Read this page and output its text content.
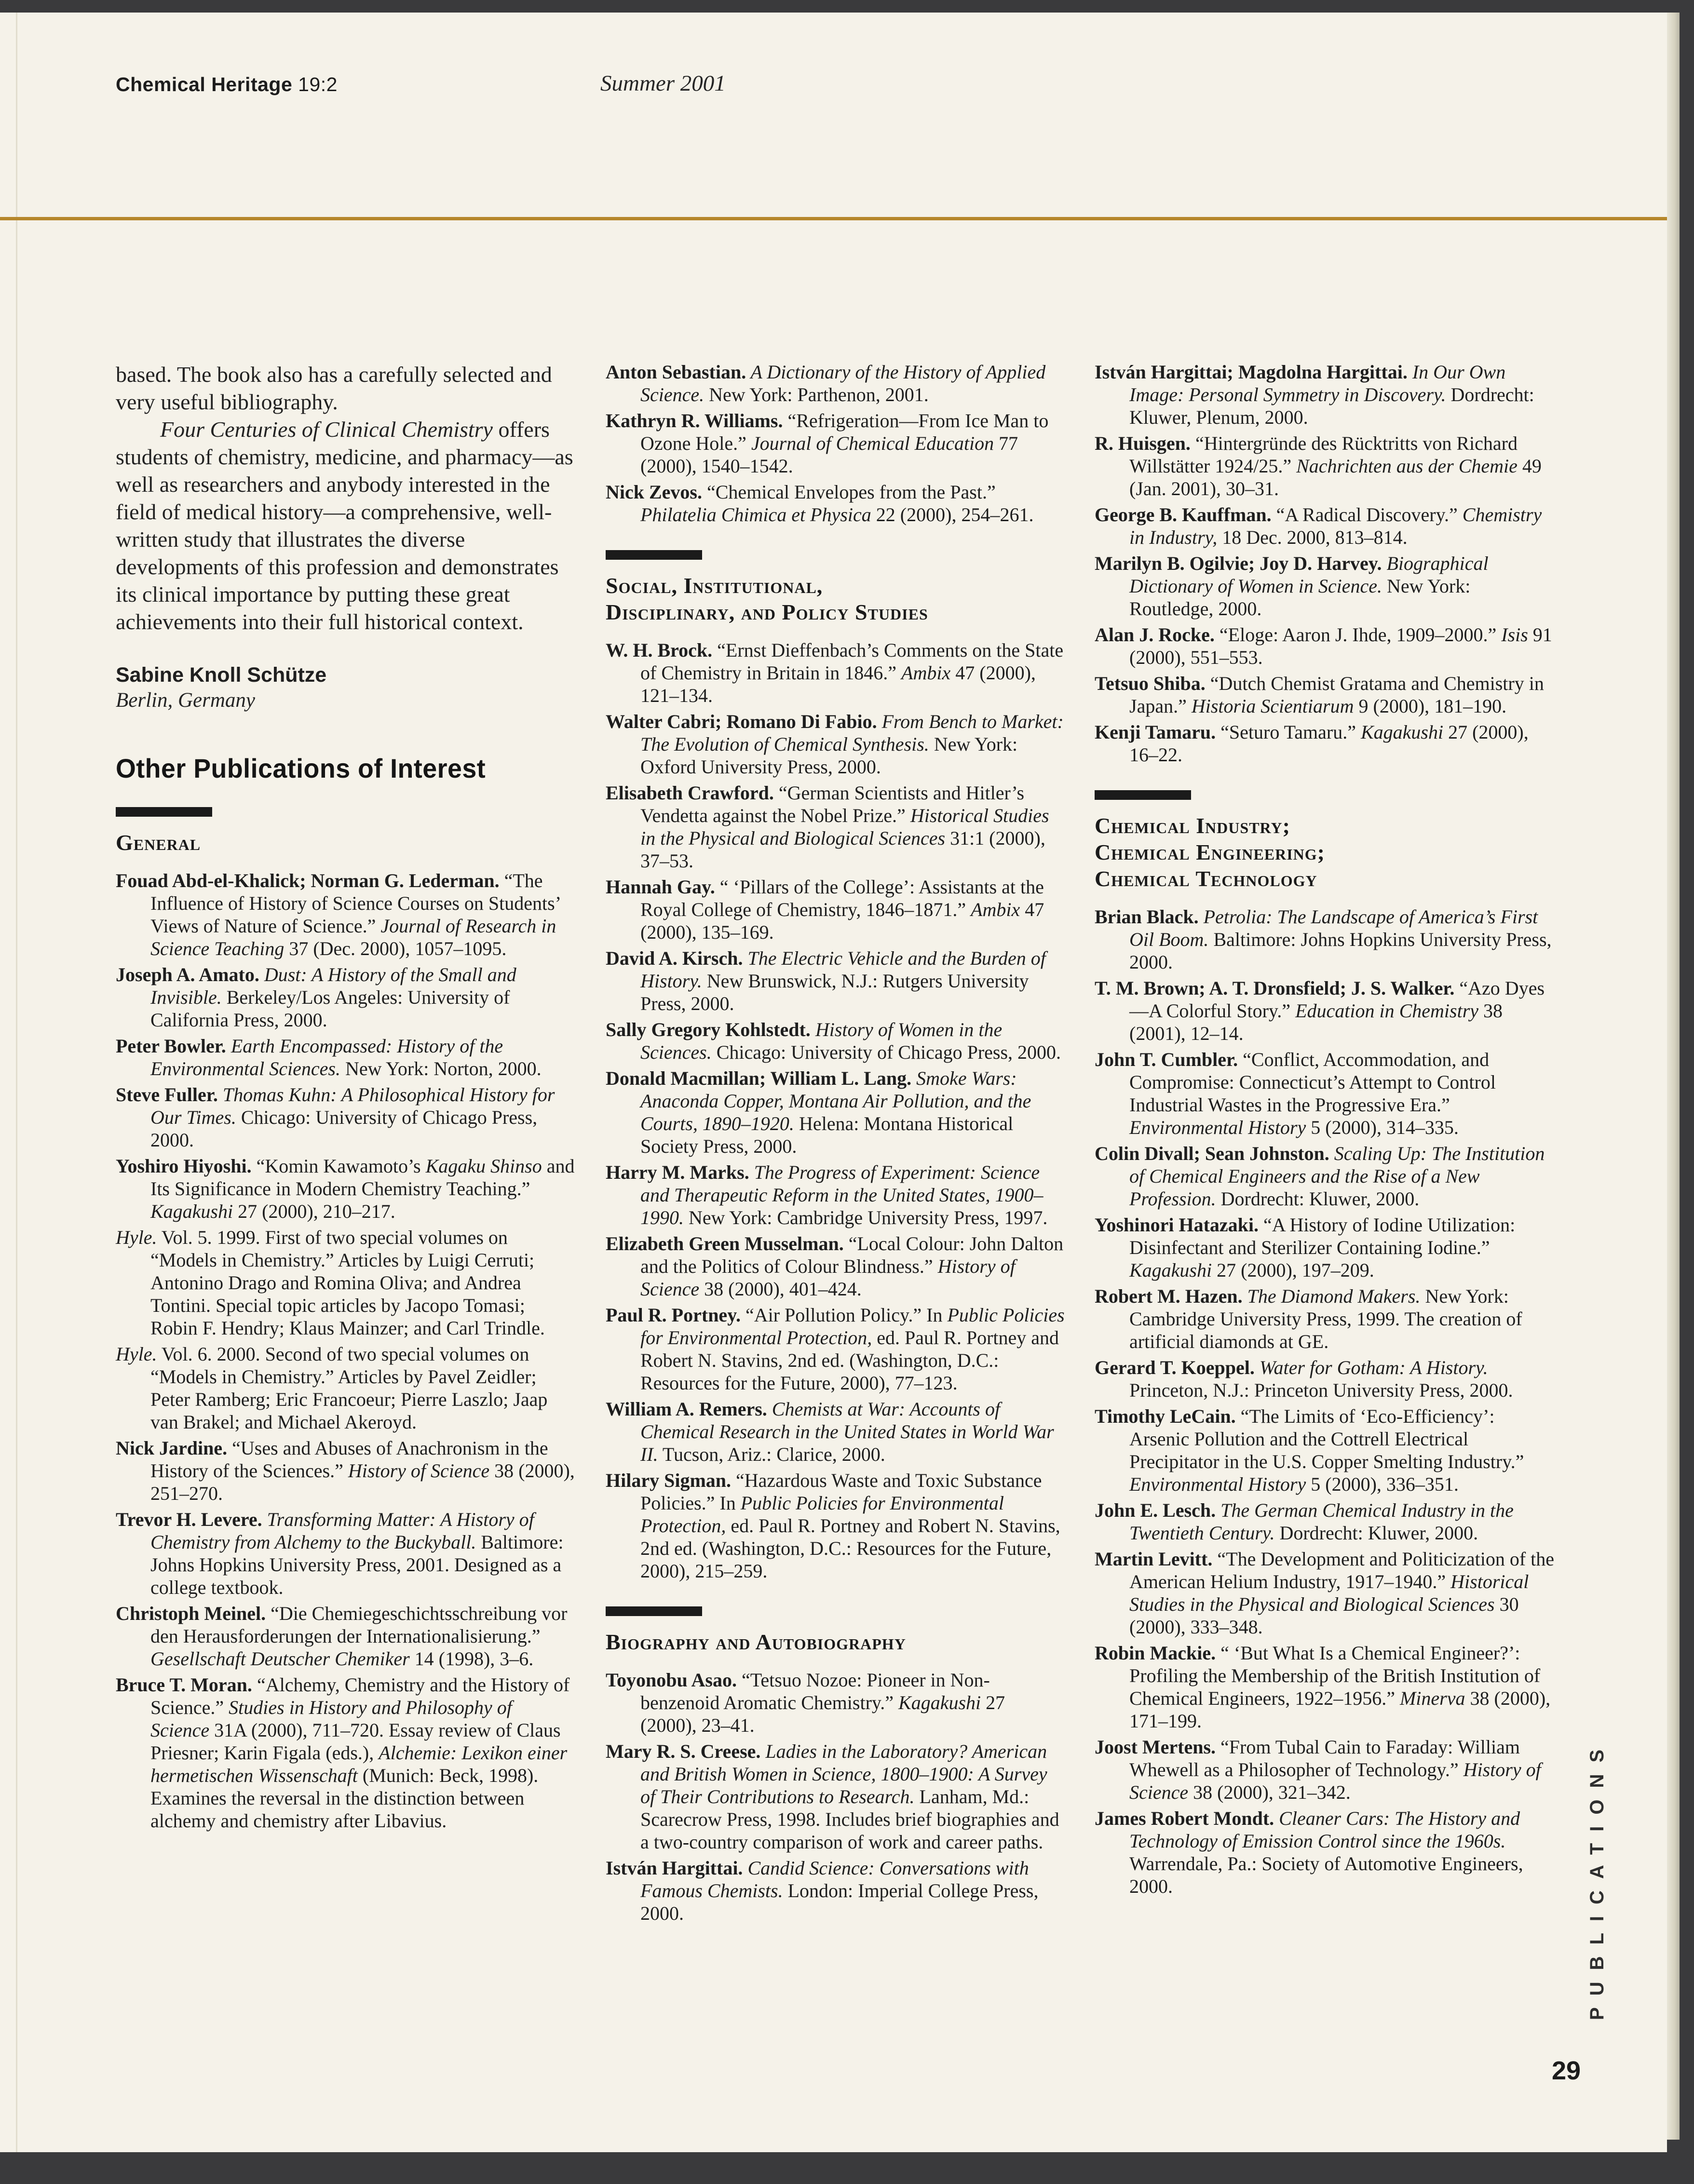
Chemical Heritage 19:2	Summer 2001

based. The book also has a carefully selected and very useful bibliography.

Four Centuries of Clinical Chemistry offers students of chemistry, medicine, and pharmacy—as well as researchers and anybody interested in the field of medical history—a comprehensive, well-written study that illustrates the diverse developments of this profession and demonstrates its clinical importance by putting these great achievements into their full historical context.

Sabine Knoll Schütze
Berlin, Germany
Other Publications of Interest
General

Fouad Abd-el-Khalick; Norman G. Lederman. “The Influence of History of Science Courses on Students’ Views of Nature of Science.” Journal of Research in Science Teaching 37 (Dec. 2000), 1057–1095.

Joseph A. Amato. Dust: A History of the Small and Invisible. Berkeley/Los Angeles: University of California Press, 2000.

Peter Bowler. Earth Encompassed: History of the Environmental Sciences. New York: Norton, 2000.

Steve Fuller. Thomas Kuhn: A Philosophical History for Our Times. Chicago: University of Chicago Press, 2000.

Yoshiro Hiyoshi. “Komin Kawamoto’s Kagaku Shinso and Its Significance in Modern Chemistry Teaching.” Kagakushi 27 (2000), 210–217.

Hyle. Vol. 5. 1999. First of two special volumes on “Models in Chemistry.” Articles by Luigi Cerruti; Antonino Drago and Romina Oliva; and Andrea Tontini. Special topic articles by Jacopo Tomasi; Robin F. Hendry; Klaus Mainzer; and Carl Trindle.

Hyle. Vol. 6. 2000. Second of two special volumes on “Models in Chemistry.” Articles by Pavel Zeidler; Peter Ramberg; Eric Francoeur; Pierre Laszlo; Jaap van Brakel; and Michael Akeroyd.

Nick Jardine. “Uses and Abuses of Anachronism in the History of the Sciences.” History of Science 38 (2000), 251–270.

Trevor H. Levere. Transforming Matter: A History of Chemistry from Alchemy to the Buckyball. Baltimore: Johns Hopkins University Press, 2001. Designed as a college textbook.

Christoph Meinel. “Die Chemiegeschichtsschreibung vor den Herausforderungen der Internationalisierung.” Gesellschaft Deutscher Chemiker 14 (1998), 3–6.

Bruce T. Moran. “Alchemy, Chemistry and the History of Science.” Studies in History and Philosophy of Science 31A (2000), 711–720. Essay review of Claus Priesner; Karin Figala (eds.), Alchemie: Lexikon einer hermetischen Wissenschaft (Munich: Beck, 1998). Examines the reversal in the distinction between alchemy and chemistry after Libavius.

Anton Sebastian. A Dictionary of the History of Applied Science. New York: Parthenon, 2001.

Kathryn R. Williams. “Refrigeration—From Ice Man to Ozone Hole.” Journal of Chemical Education 77 (2000), 1540–1542.

Nick Zevos. “Chemical Envelopes from the Past.” Philatelia Chimica et Physica 22 (2000), 254–261.

Social, Institutional,
Disciplinary, and Policy Studies

W. H. Brock. “Ernst Dieffenbach’s Comments on the State of Chemistry in Britain in 1846.” Ambix 47 (2000), 121–134.

Walter Cabri; Romano Di Fabio. From Bench to Market: The Evolution of Chemical Synthesis. New York: Oxford University Press, 2000.

Elisabeth Crawford. “German Scientists and Hitler’s Vendetta against the Nobel Prize.” Historical Studies in the Physical and Biological Sciences 31:1 (2000), 37–53.

Hannah Gay. “ ‘Pillars of the College’: Assistants at the Royal College of Chemistry, 1846–1871.” Ambix 47 (2000), 135–169.

David A. Kirsch. The Electric Vehicle and the Burden of History. New Brunswick, N.J.: Rutgers University Press, 2000.

Sally Gregory Kohlstedt. History of Women in the Sciences. Chicago: University of Chicago Press, 2000.

Donald Macmillan; William L. Lang. Smoke Wars: Anaconda Copper, Montana Air Pollution, and the Courts, 1890–1920. Helena: Montana Historical Society Press, 2000.

Harry M. Marks. The Progress of Experiment: Science and Therapeutic Reform in the United States, 1900–1990. New York: Cambridge University Press, 1997.

Elizabeth Green Musselman. “Local Colour: John Dalton and the Politics of Colour Blindness.” History of Science 38 (2000), 401–424.

Paul R. Portney. “Air Pollution Policy.” In Public Policies for Environmental Protection, ed. Paul R. Portney and Robert N. Stavins, 2nd ed. (Washington, D.C.: Resources for the Future, 2000), 77–123.

William A. Remers. Chemists at War: Accounts of Chemical Research in the United States in World War II. Tucson, Ariz.: Clarice, 2000.

Hilary Sigman. “Hazardous Waste and Toxic Substance Policies.” In Public Policies for Environmental Protection, ed. Paul R. Portney and Robert N. Stavins, 2nd ed. (Washington, D.C.: Resources for the Future, 2000), 215–259.

Biography and Autobiography

Toyonobu Asao. “Tetsuo Nozoe: Pioneer in Non-benzenoid Aromatic Chemistry.” Kagakushi 27 (2000), 23–41.

Mary R. S. Creese. Ladies in the Laboratory? American and British Women in Science, 1800–1900: A Survey of Their Contributions to Research. Lanham, Md.: Scarecrow Press, 1998. Includes brief biographies and a two-country comparison of work and career paths.

István Hargittai. Candid Science: Conversations with Famous Chemists. London: Imperial College Press, 2000.

István Hargittai; Magdolna Hargittai. In Our Own Image: Personal Symmetry in Discovery. Dordrecht: Kluwer, Plenum, 2000.

R. Huisgen. “Hintergründe des Rücktritts von Richard Willstätter 1924/25.” Nachrichten aus der Chemie 49 (Jan. 2001), 30–31.

George B. Kauffman. “A Radical Discovery.” Chemistry in Industry, 18 Dec. 2000, 813–814.

Marilyn B. Ogilvie; Joy D. Harvey. Biographical Dictionary of Women in Science. New York: Routledge, 2000.

Alan J. Rocke. “Eloge: Aaron J. Ihde, 1909–2000.” Isis 91 (2000), 551–553.

Tetsuo Shiba. “Dutch Chemist Gratama and Chemistry in Japan.” Historia Scientiarum 9 (2000), 181–190.

Kenji Tamaru. “Seturo Tamaru.” Kagakushi 27 (2000), 16–22.

Chemical Industry;
Chemical Engineering;
Chemical Technology

Brian Black. Petrolia: The Landscape of America’s First Oil Boom. Baltimore: Johns Hopkins University Press, 2000.

T. M. Brown; A. T. Dronsfield; J. S. Walker. “Azo Dyes—A Colorful Story.” Education in Chemistry 38 (2001), 12–14.

John T. Cumbler. “Conflict, Accommodation, and Compromise: Connecticut’s Attempt to Control Industrial Wastes in the Progressive Era.” Environmental History 5 (2000), 314–335.

Colin Divall; Sean Johnston. Scaling Up: The Institution of Chemical Engineers and the Rise of a New Profession. Dordrecht: Kluwer, 2000.

Yoshinori Hatazaki. “A History of Iodine Utilization: Disinfectant and Sterilizer Containing Iodine.” Kagakushi 27 (2000), 197–209.

Robert M. Hazen. The Diamond Makers. New York: Cambridge University Press, 1999. The creation of artificial diamonds at GE.

Gerard T. Koeppel. Water for Gotham: A History. Princeton, N.J.: Princeton University Press, 2000.

Timothy LeCain. “The Limits of ‘Eco-Efficiency’: Arsenic Pollution and the Cottrell Electrical Precipitator in the U.S. Copper Smelting Industry.” Environmental History 5 (2000), 336–351.

John E. Lesch. The German Chemical Industry in the Twentieth Century. Dordrecht: Kluwer, 2000.

Martin Levitt. “The Development and Politicization of the American Helium Industry, 1917–1940.” Historical Studies in the Physical and Biological Sciences 30 (2000), 333–348.

Robin Mackie. “ ‘But What Is a Chemical Engineer?’: Profiling the Membership of the British Institution of Chemical Engineers, 1922–1956.” Minerva 38 (2000), 171–199.

Joost Mertens. “From Tubal Cain to Faraday: William Whewell as a Philosopher of Technology.” History of Science 38 (2000), 321–342.

James Robert Mondt. Cleaner Cars: The History and Technology of Emission Control since the 1960s. Warrendale, Pa.: Society of Automotive Engineers, 2000.	PUBLICATIONS
29
